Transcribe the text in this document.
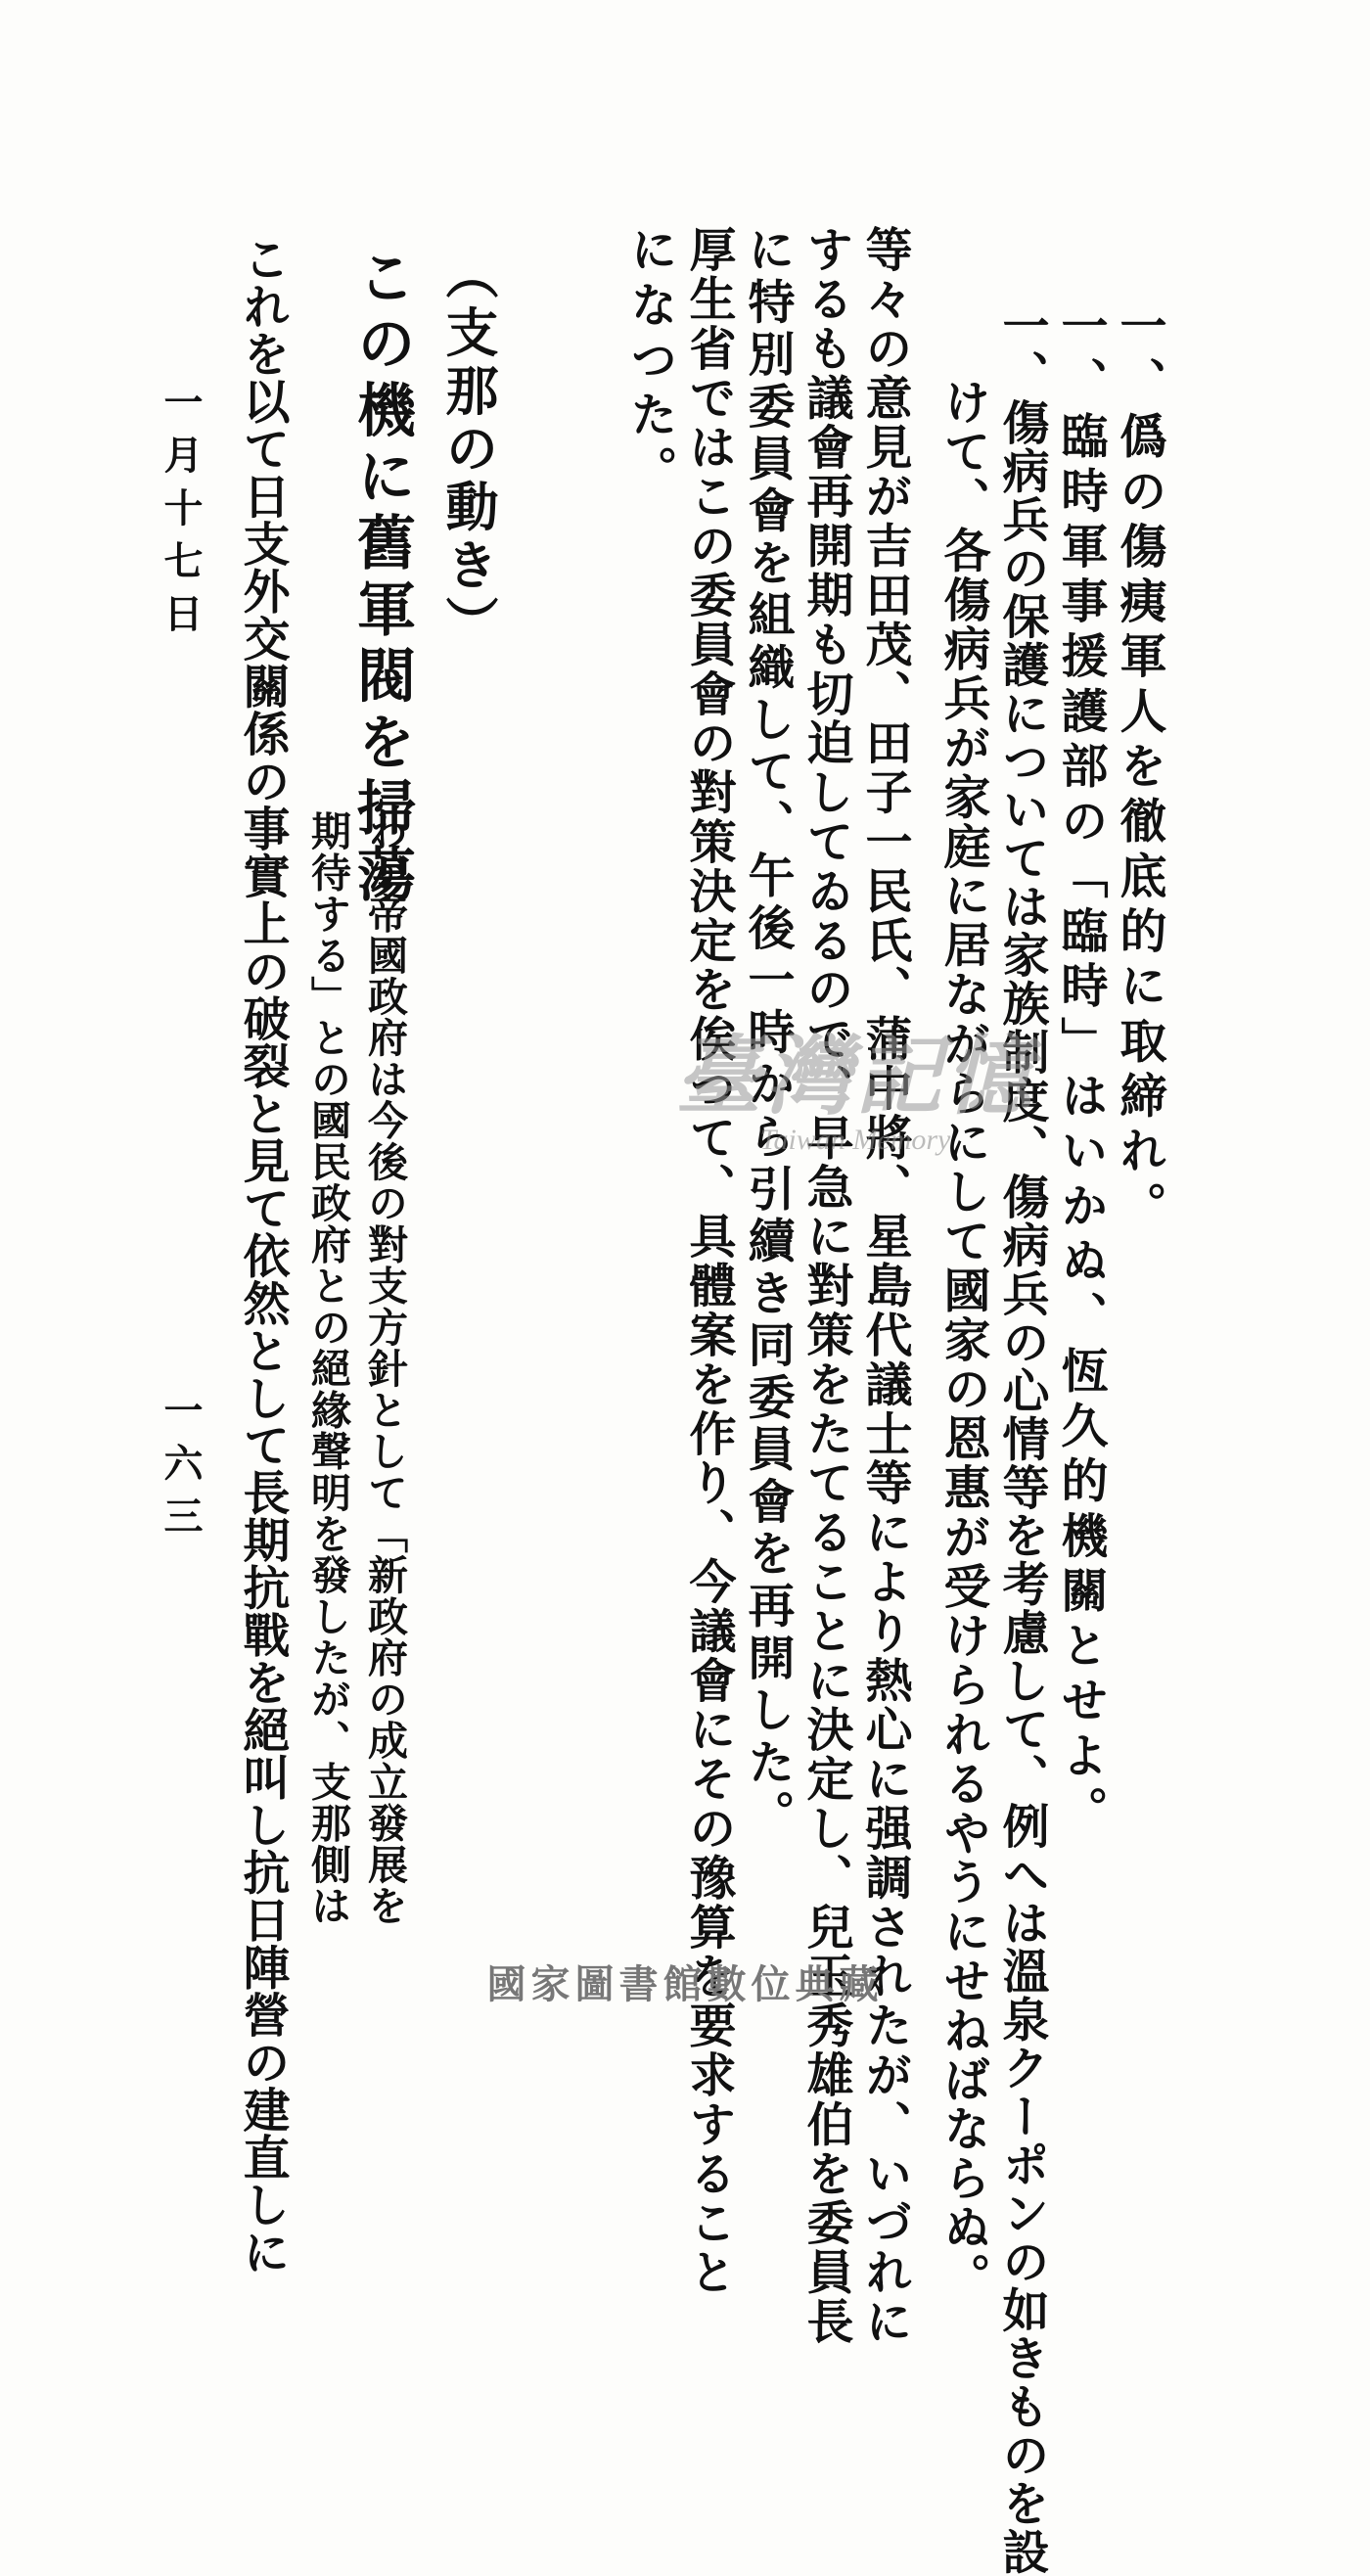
一、僞の傷痍軍人を徹底的に取締れ。
一、臨時軍事援護部の「臨時」はいかぬ、恆久的機關とせよ。
一、傷病兵の保護については家族制度、傷病兵の心情等を考慮して、例へは溫泉クーポンの如きものを設
けて、各傷病兵が家庭に居ながらにして國家の恩惠が受けられるやうにせねばならぬ。
等々の意見が吉田茂、田子一民氏、蒲中將、星島代議士等により熱心に强調されたが、いづれに
するも議會再開期も切迫してゐるので、早急に對策をたてることに決定し、兒玉秀雄伯を委員長
に特別委員會を組織して、午後一時から引續き同委員會を再開した。
厚生省ではこの委員會の對策決定を俟つて、具體案を作り、今議會にその豫算を要求すること
になつた。
（支那の動き）
この機に舊軍閥を掃蕩
わが帝國政府は今後の對支方針として「新政府の成立發展を
期待する」との國民政府との絕緣聲明を發したが、支那側は
これを以て日支外交關係の事實上の破裂と見て依然として長期抗戰を絕叫し抗日陣營の建直しに
一月十七日
一六三
臺灣記憶
Taiwan Memory
國家圖書館數位典藏
